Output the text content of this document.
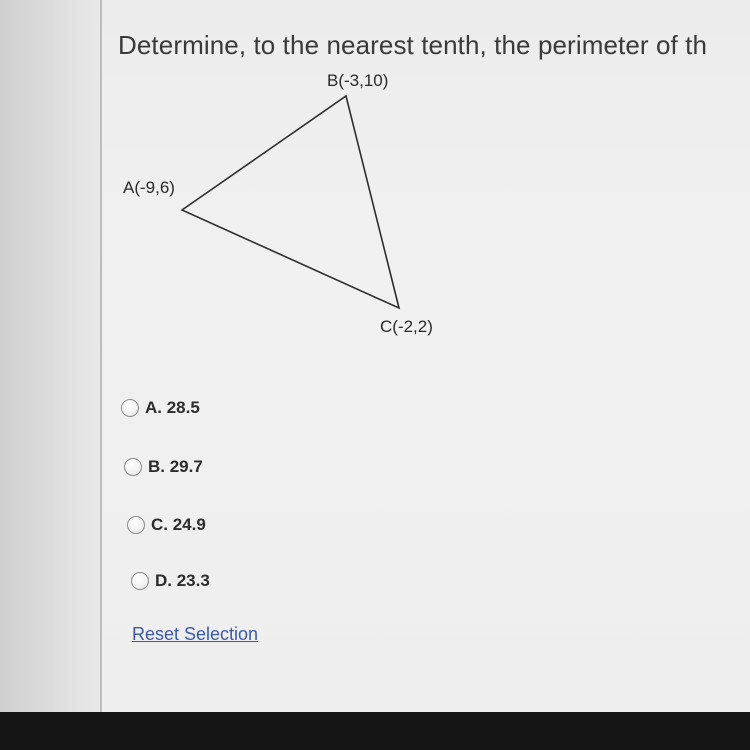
Determine, to the nearest tenth, the perimeter of th
B(-3,10)
A(-9,6)
C(-2,2)
A. 28.5
B. 29.7
C. 24.9
D. 23.3
Reset Selection
